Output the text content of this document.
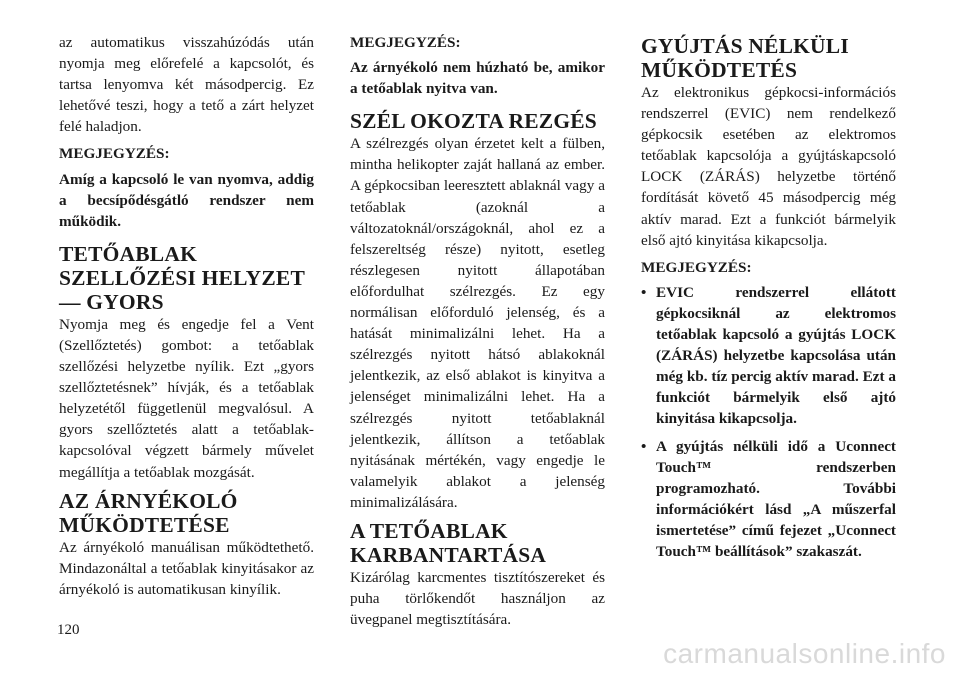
az automatikus visszahúzódás után nyomja meg előrefelé a kapcsolót, és tartsa lenyomva két másodpercig. Ez lehetővé teszi, hogy a tető a zárt helyzet felé haladjon.

MEGJEGYZÉS:

Amíg a kapcsoló le van nyomva, addig a becsípődésgátló rendszer nem működik.

TETŐABLAK SZELLŐZÉSI HELYZET — GYORS

Nyomja meg és engedje fel a Vent (Szellőztetés) gombot: a tetőablak szellőzési helyzetbe nyílik. Ezt „gyors szellőztetésnek” hívják, és a tetőablak helyzetétől függetlenül megvalósul. A gyors szellőztetés alatt a tetőablak-kapcsolóval végzett bármely művelet megállítja a tetőablak mozgását.

AZ ÁRNYÉKOLÓ MŰKÖDTETÉSE

Az árnyékoló manuálisan működtethető. Mindazonáltal a tetőablak kinyitásakor az árnyékoló is automatikusan kinyílik.

MEGJEGYZÉS:

Az árnyékoló nem húzható be, amikor a tetőablak nyitva van.

SZÉL OKOZTA REZGÉS

A szélrezgés olyan érzetet kelt a fülben, mintha helikopter zaját hallaná az ember. A gépkocsiban leeresztett ablaknál vagy a tetőablak (azoknál a változatoknál/országoknál, ahol ez a felszereltség része) nyitott, esetleg részlegesen nyitott állapotában előfordulhat szélrezgés. Ez egy normálisan előforduló jelenség, és a hatását minimalizálni lehet. Ha a szélrezgés nyitott hátsó ablakoknál jelentkezik, az első ablakot is kinyitva a jelenséget minimalizálni lehet. Ha a szélrezgés nyitott tetőablaknál jelentkezik, állítson a tetőablak nyitásának mértékén, vagy engedje le valamelyik ablakot a jelenség minimalizálására.

A TETŐABLAK KARBANTARTÁSA

Kizárólag karcmentes tisztítószereket és puha törlőkendőt használjon az üvegpanel megtisztítására.

GYÚJTÁS NÉLKÜLI MŰKÖDTETÉS

Az elektronikus gépkocsi-információs rendszerrel (EVIC) nem rendelkező gépkocsik esetében az elektromos tetőablak kapcsolója a gyújtáskapcsoló LOCK (ZÁRÁS) helyzetbe történő fordítását követő 45 másodpercig még aktív marad. Ezt a funkciót bármelyik első ajtó kinyitása kikapcsolja.

MEGJEGYZÉS:

• EVIC rendszerrel ellátott gépkocsiknál az elektromos tetőablak kapcsoló a gyújtás LOCK (ZÁRÁS) helyzetbe kapcsolása után még kb. tíz percig aktív marad. Ezt a funkciót bármelyik első ajtó kinyitása kikapcsolja.
• A gyújtás nélküli idő a Uconnect Touch™ rendszerben programozható. További információkért lásd „A műszerfal ismertetése” című fejezet „Uconnect Touch™ beállítások” szakaszát.
120
carmanualsonline.info
